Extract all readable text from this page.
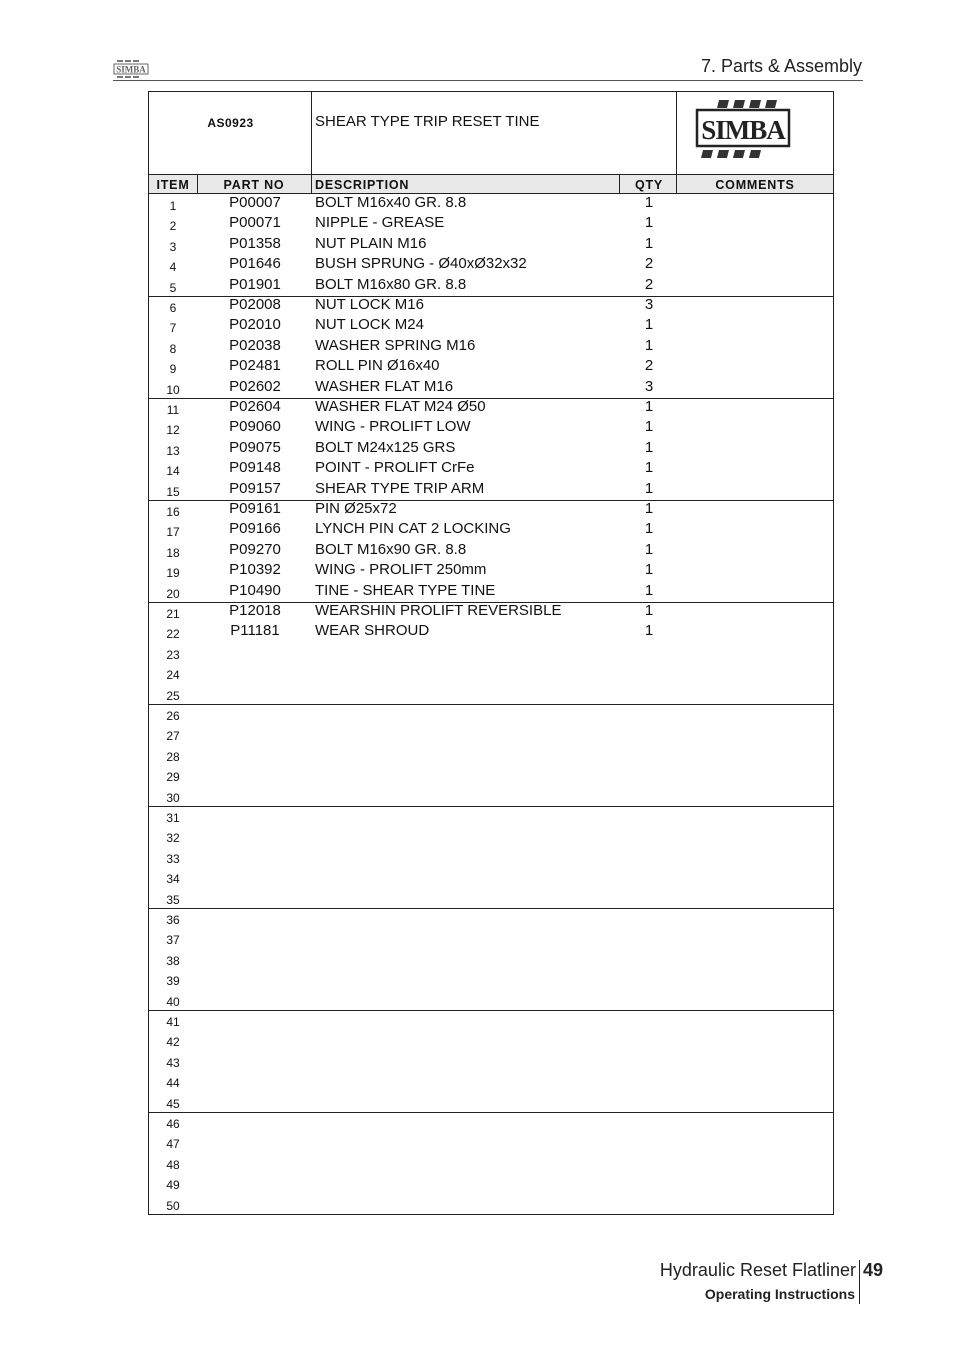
SIMBA	7. Parts & Assembly
AS0923	SHEAR TYPE TRIP RESET TINE	SIMBA
ITEM	PART NO	DESCRIPTION	QTY	COMMENTS
1	P00007	BOLT M16x40 GR. 8.8	1
2	P00071	NIPPLE - GREASE	1
3	P01358	NUT PLAIN M16	1
4	P01646	BUSH SPRUNG - Ø40xØ32x32	2
5	P01901	BOLT M16x80 GR. 8.8	2
6	P02008	NUT LOCK M16	3
7	P02010	NUT LOCK M24	1
8	P02038	WASHER SPRING M16	1
9	P02481	ROLL PIN Ø16x40	2
10	P02602	WASHER FLAT M16	3
11	P02604	WASHER FLAT M24 Ø50	1
12	P09060	WING - PROLIFT LOW	1
13	P09075	BOLT M24x125 GRS	1
14	P09148	POINT - PROLIFT CrFe	1
15	P09157	SHEAR TYPE TRIP ARM	1
16	P09161	PIN Ø25x72	1
17	P09166	LYNCH PIN CAT 2 LOCKING	1
18	P09270	BOLT M16x90 GR. 8.8	1
19	P10392	WING - PROLIFT 250mm	1
20	P10490	TINE - SHEAR TYPE TINE	1
21	P12018	WEARSHIN PROLIFT REVERSIBLE	1
22	P11181	WEAR SHROUD	1
23
24
25
26
27
28
29
30
31
32
33
34
35
36
37
38
39
40
41
42
43
44
45
46
47
48
49
50
Hydraulic Reset Flatliner 49
Operating Instructions
